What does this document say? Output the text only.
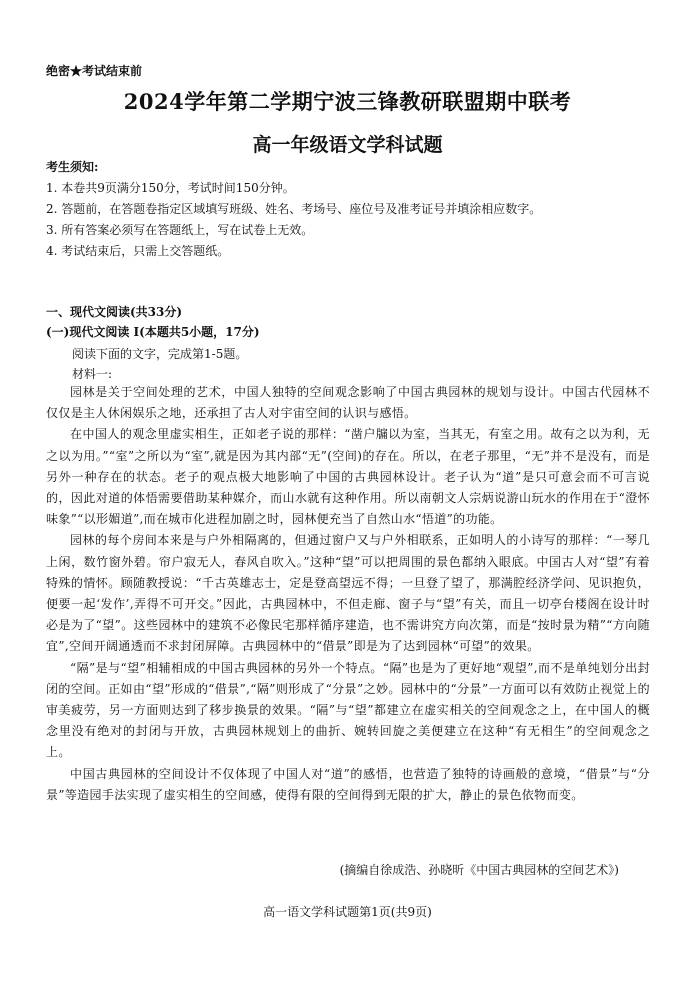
绝密★考试结束前
2024学年第二学期宁波三锋教研联盟期中联考
高一年级语文学科试题
考生须知:
1. 本卷共9页满分150分，考试时间150分钟。
2. 答题前，在答题卷指定区域填写班级、姓名、考场号、座位号及准考证号并填涂相应数字。
3. 所有答案必须写在答题纸上，写在试卷上无效。
4. 考试结束后，只需上交答题纸。
一、现代文阅读(共33分)
(一)现代文阅读 I(本题共5小题，17分)
阅读下面的文字，完成第1-5题。
材料一:

园林是关于空间处理的艺术，中国人独特的空间观念影响了中国古典园林的规划与设计。中国古代园林不仅仅是主人休闲娱乐之地，还承担了古人对宇宙空间的认识与感悟。

在中国人的观念里虚实相生，正如老子说的那样：“凿户牖以为室，当其无，有室之用。故有之以为利，无之以为用。”“室”之所以为“室”,就是因为其内部“无”(空间)的存在。所以，在老子那里，“无”并不是没有，而是另外一种存在的状态。老子的观点极大地影响了中国的古典园林设计。老子认为“道”是只可意会而不可言说的，因此对道的体悟需要借助某种媒介，而山水就有这种作用。所以南朝文人宗炳说游山玩水的作用在于“澄怀味象”“以形媚道”,而在城市化进程加剧之时，园林便充当了自然山水“悟道”的功能。

园林的每个房间本来是与户外相隔离的，但通过窗户又与户外相联系，正如明人的小诗写的那样：“一琴几上闲，数竹窗外碧。帘户寂无人，春风自吹入。”这种“望”可以把周围的景色都纳入眼底。中国古人对“望”有着特殊的情怀。顾随教授说：“千古英雄志士，定是登高望远不得；一旦登了望了，那满腔经济学问、见识抱负，便要一起‘发作’,弄得不可开交。”因此，古典园林中，不但走廊、窗子与“望”有关，而且一切亭台楼阁在设计时必是为了“望”。这些园林中的建筑不必像民宅那样循序建造，也不需讲究方向次第，而是“按时景为精”“方向随宜”,空间开阔通透而不求封闭屏障。古典园林中的“借景”即是为了达到园林“可望”的效果。

“隔”是与“望”相辅相成的中国古典园林的另外一个特点。“隔”也是为了更好地“观望”,而不是单纯划分出封闭的空间。正如由“望”形成的“借景”,“隔”则形成了“分景”之妙。园林中的“分景”一方面可以有效防止视觉上的审美疲劳，另一方面则达到了移步换景的效果。“隔”与“望”都建立在虚实相关的空间观念之上，在中国人的概念里没有绝对的封闭与开放，古典园林规划上的曲折、婉转回旋之美便建立在这种“有无相生”的空间观念之上。

中国古典园林的空间设计不仅体现了中国人对“道”的感悟，也营造了独特的诗画般的意境，“借景”与“分景”等造园手法实现了虚实相生的空间感，使得有限的空间得到无限的扩大，静止的景色依物而变。

(摘编自徐成浩、孙晓昕《中国古典园林的空间艺术》)
高一语文学科试题第1页(共9页)
